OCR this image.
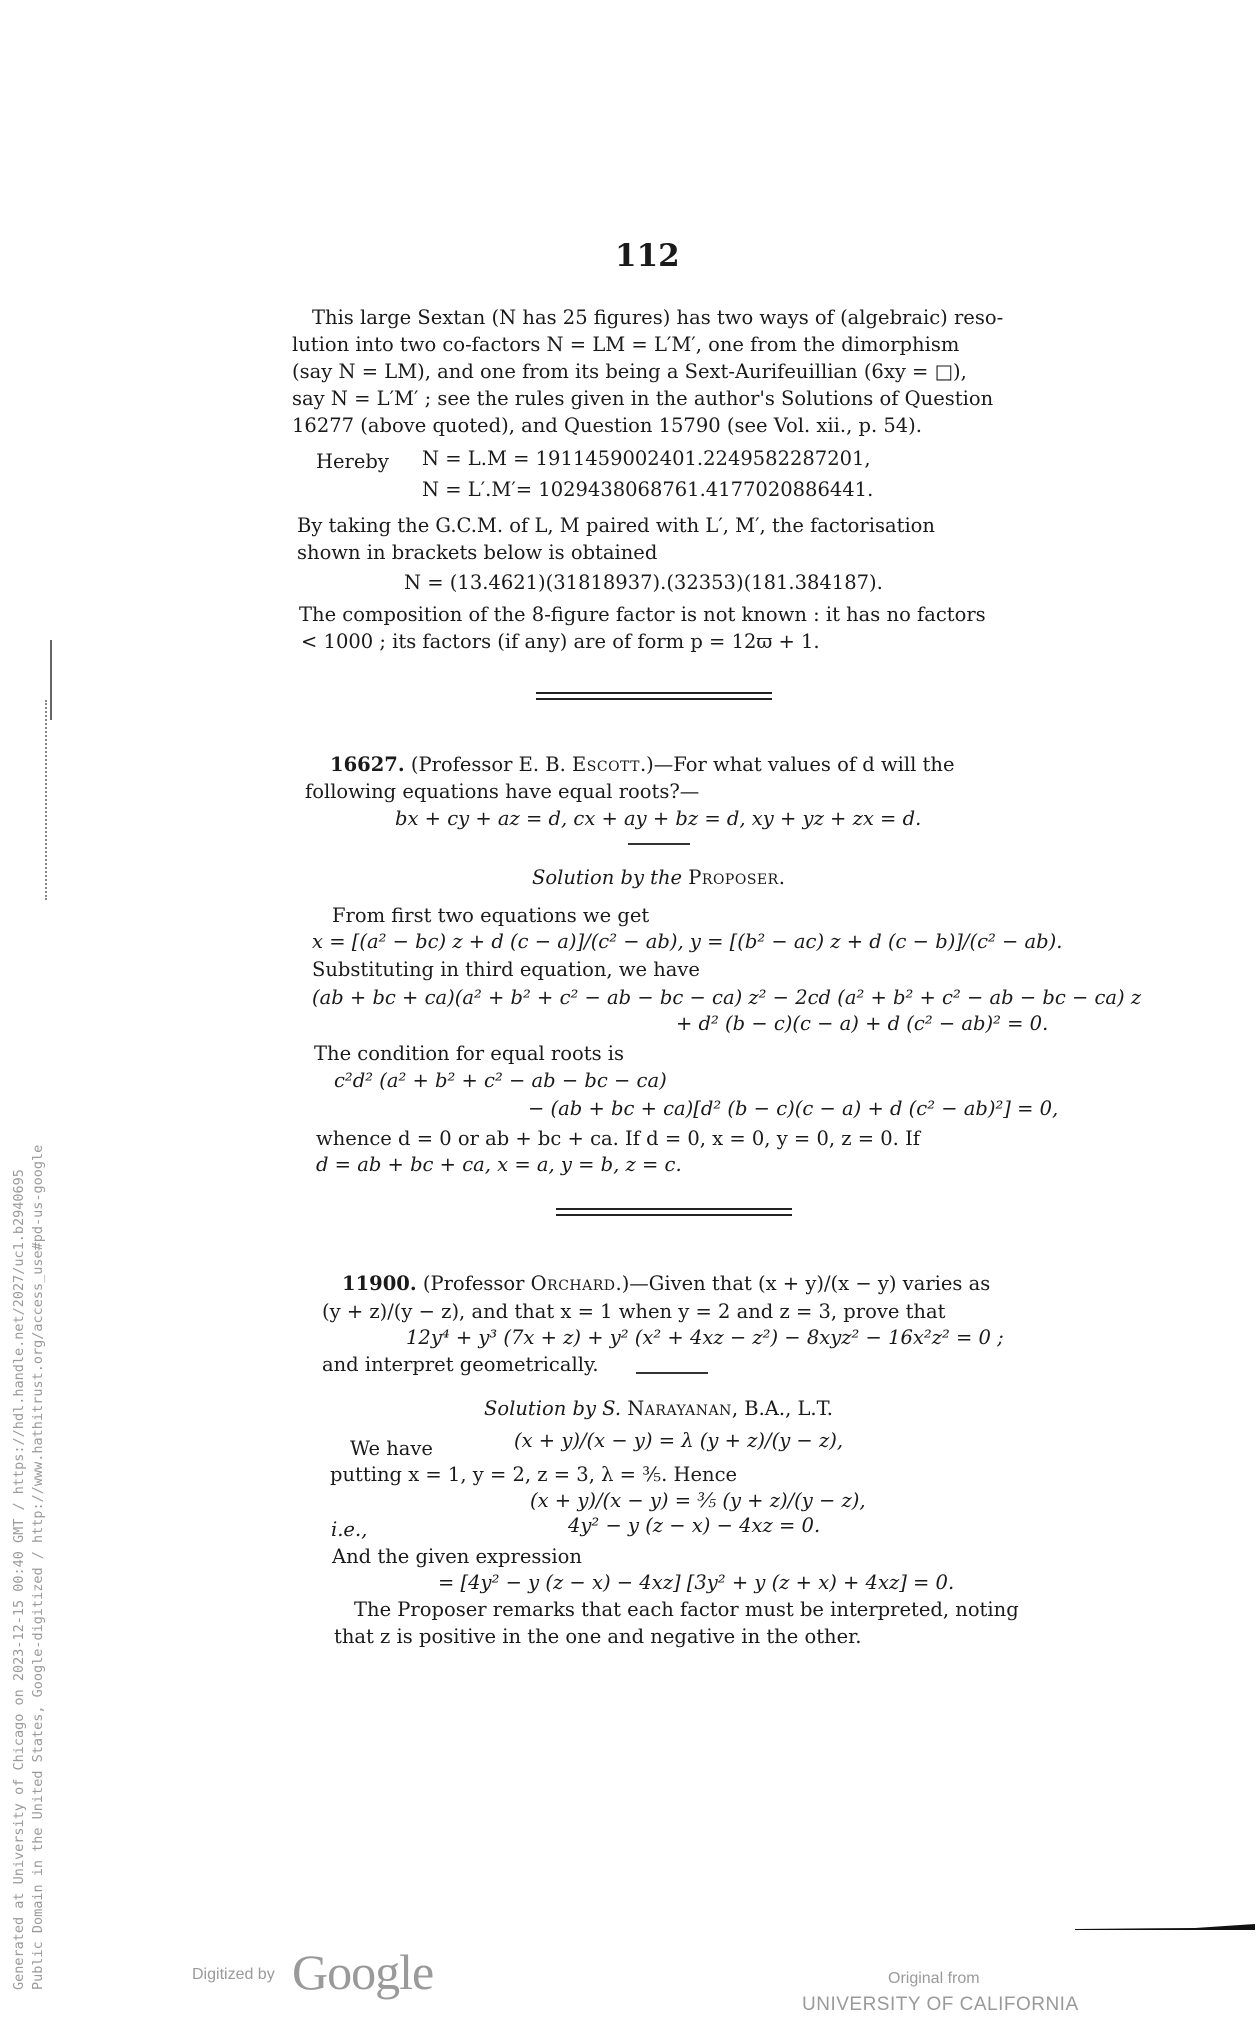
112
This large Sextan (N has 25 figures) has two ways of (algebraic) reso-
lution into two co-factors N = LM = L′M′, one from the dimorphism
(say N = LM), and one from its being a Sext-Aurifeuillian (6xy = □),
say N = L′M′ ; see the rules given in the author's Solutions of Question
16277 (above quoted), and Question 15790 (see Vol. xii., p. 54).
Hereby N = L.M = 1911459002401.2249582287201,
N = L′.M′= 1029438068761.4177020886441.
By taking the G.C.M. of L, M paired with L′, M′, the factorisation
shown in brackets below is obtained
N = (13.4621)(31818937).(32353)(181.384187).
The composition of the 8-figure factor is not known : it has no factors
< 1000 ; its factors (if any) are of form p = 12ϖ + 1.
16627. (Professor E. B. Escott.)—For what values of d will the
following equations have equal roots?—
bx + cy + az = d, cx + ay + bz = d, xy + yz + zx = d.
Solution by the Proposer.
From first two equations we get
x = [(a² − bc) z + d (c − a)]/(c² − ab), y = [(b² − ac) z + d (c − b)]/(c² − ab).
Substituting in third equation, we have
(ab + bc + ca)(a² + b² + c² − ab − bc − ca) z² − 2cd (a² + b² + c² − ab − bc − ca) z
+ d² (b − c)(c − a) + d (c² − ab)² = 0.
The condition for equal roots is
c²d² (a² + b² + c² − ab − bc − ca)
− (ab + bc + ca)[d² (b − c)(c − a) + d (c² − ab)²] = 0,
whence d = 0 or ab + bc + ca. If d = 0, x = 0, y = 0, z = 0. If
d = ab + bc + ca, x = a, y = b, z = c.
11900. (Professor Orchard.)—Given that (x + y)/(x − y) varies as
(y + z)/(y − z), and that x = 1 when y = 2 and z = 3, prove that
12y⁴ + y³ (7x + z) + y² (x² + 4xz − z²) − 8xyz² − 16x²z² = 0 ;
and interpret geometrically.
Solution by S. Narayanan, B.A., L.T.
We have	(x + y)/(x − y) = λ (y + z)/(y − z),
putting x = 1, y = 2, z = 3, λ = ⅗. Hence
(x + y)/(x − y) = ⅗ (y + z)/(y − z),
i.e.,	4y² − y (z − x) − 4xz = 0.
And the given expression
= [4y² − y (z − x) − 4xz] [3y² + y (z + x) + 4xz] = 0.
The Proposer remarks that each factor must be interpreted, noting
that z is positive in the one and negative in the other.
Generated at University of Chicago on 2023-12-15 00:40 GMT / https://hdl.handle.net/2027/uc1.b2940695 Public Domain in the United States, Google-digitized / http://www.hathitrust.org/access_use#pd-us-google	Digitized by Google	Original from
UNIVERSITY OF CALIFORNIA
